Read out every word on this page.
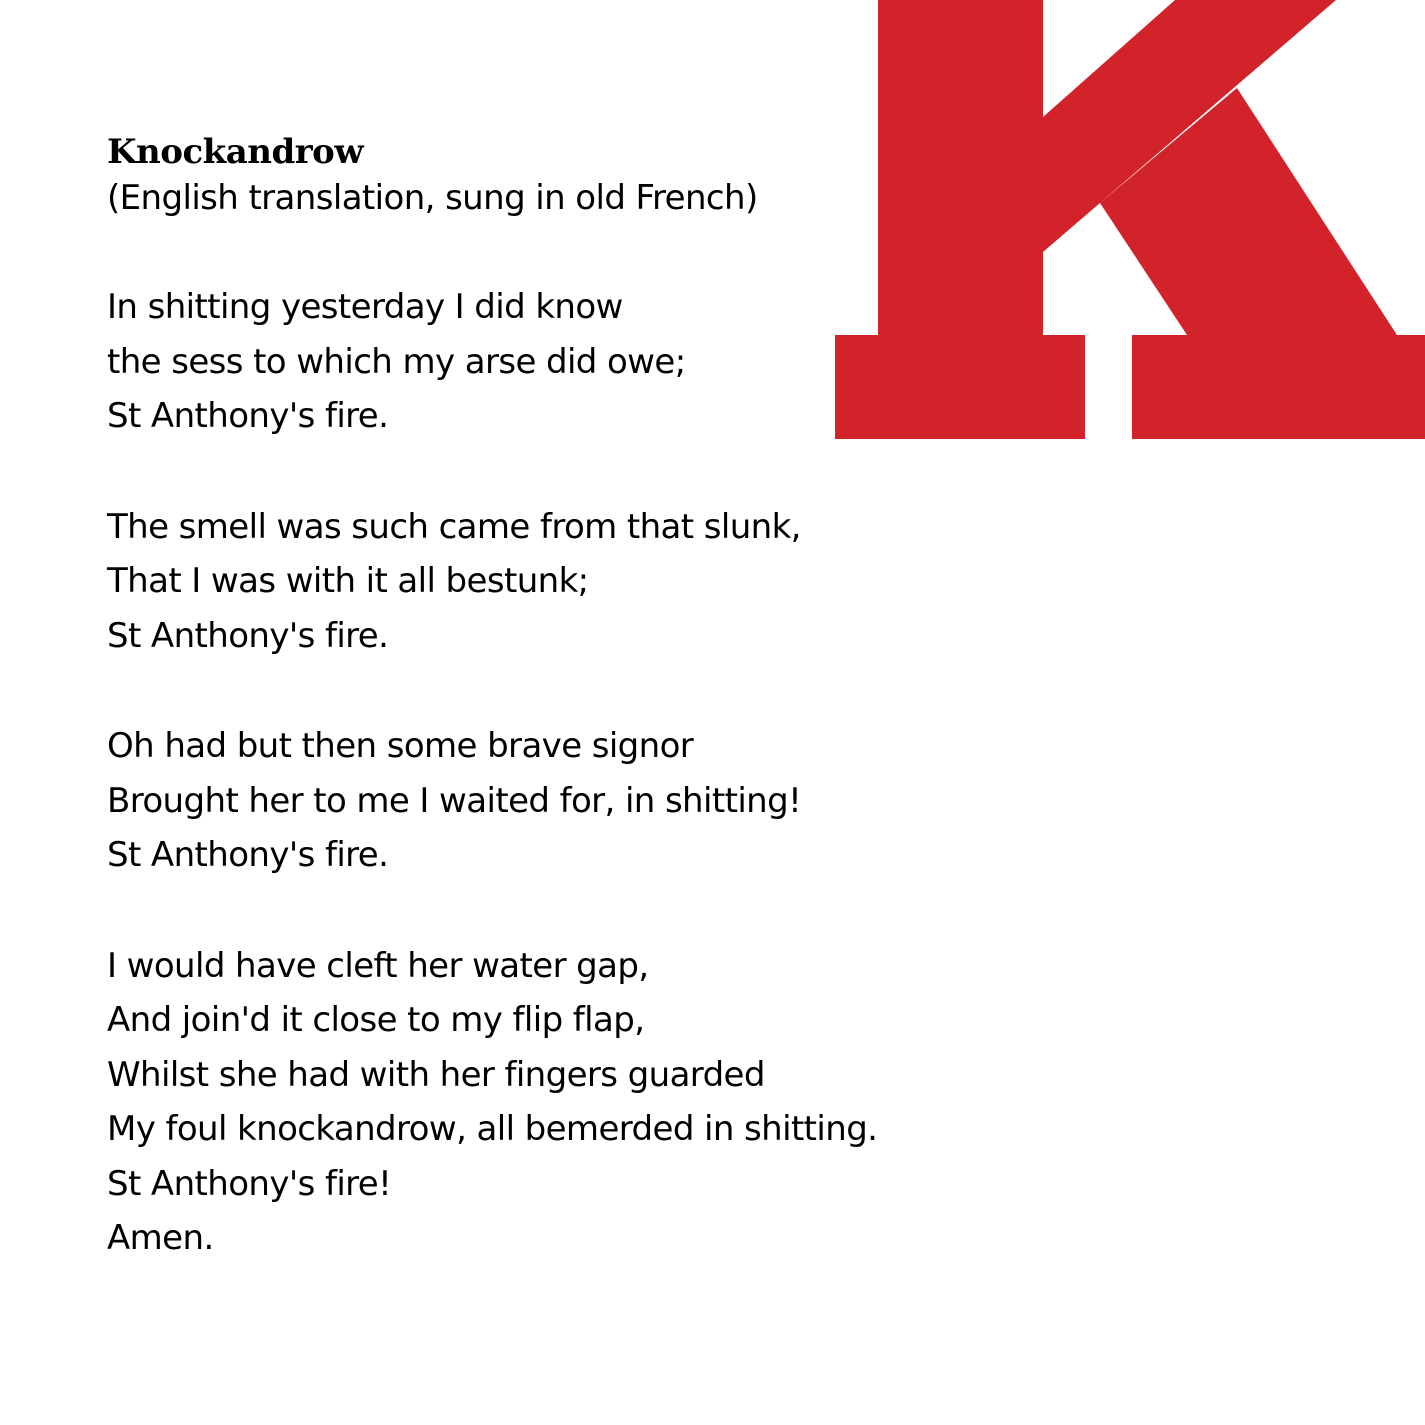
Knockandrow

(English translation, sung in old French)

In shitting yesterday I did know
the sess to which my arse did owe;
St Anthony's fire.
The smell was such came from that slunk,
That I was with it all bestunk;
St Anthony's fire.
Oh had but then some brave signor
Brought her to me I waited for, in shitting!
St Anthony's fire.
I would have cleft her water gap,
And join'd it close to my flip flap,
Whilst she had with her fingers guarded
My foul knockandrow, all bemerded in shitting.
St Anthony's fire!
Amen.
